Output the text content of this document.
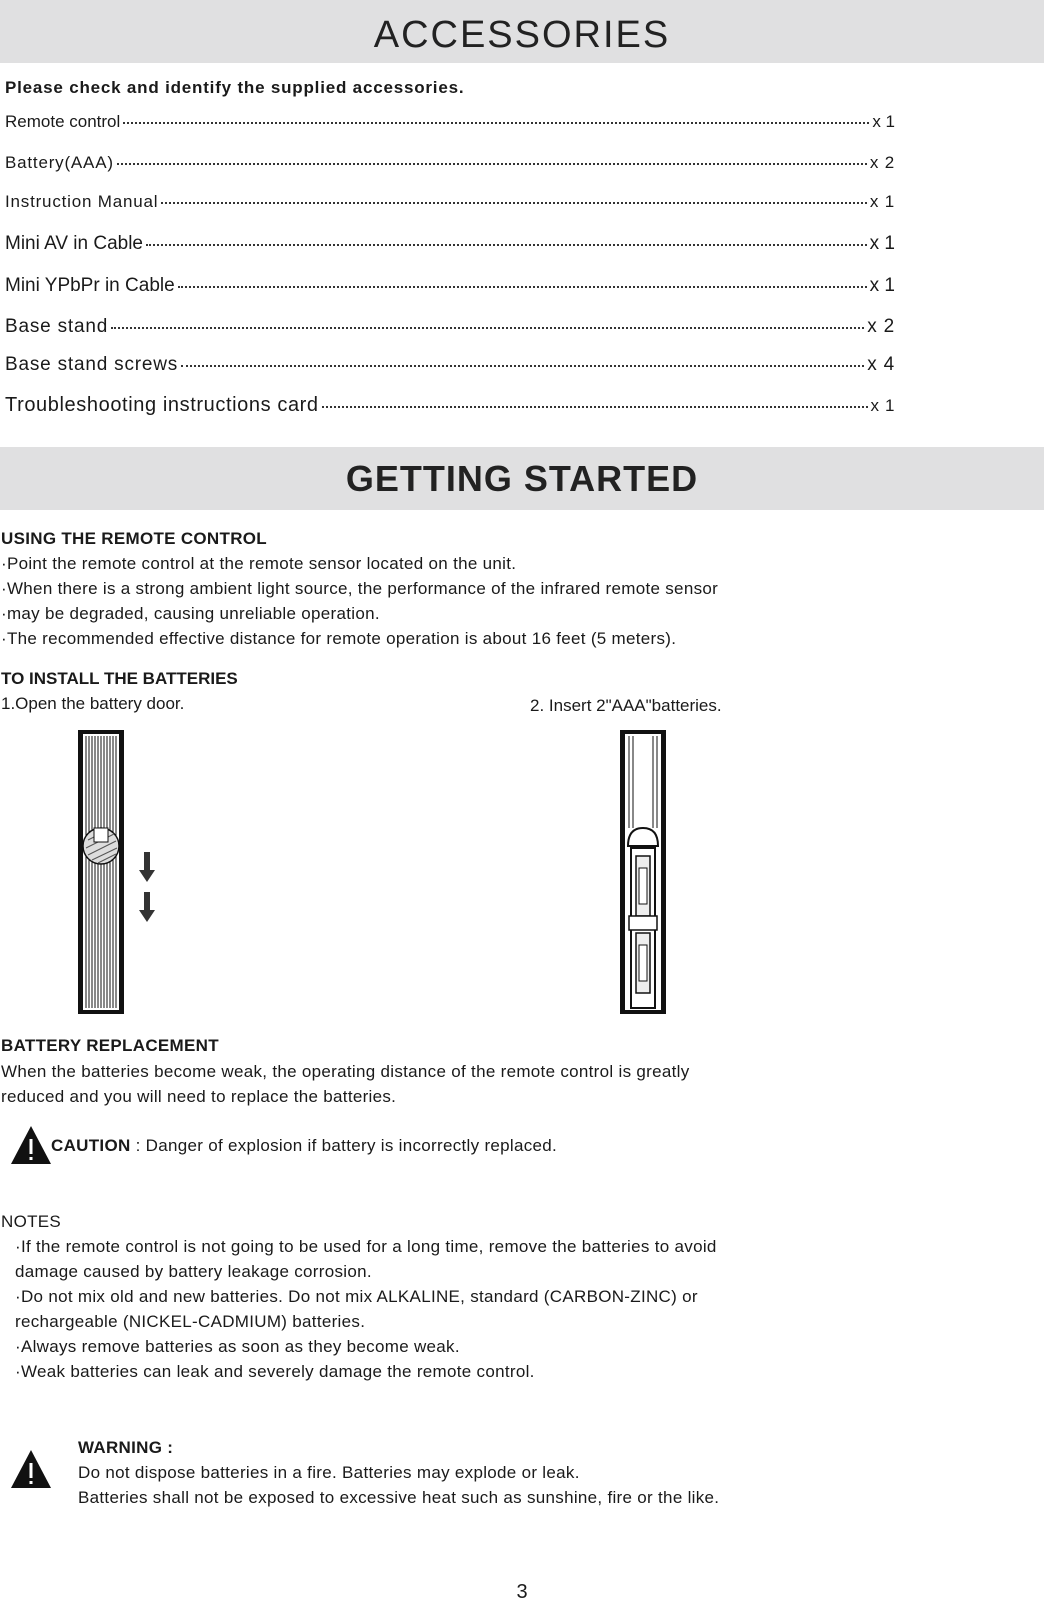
ACCESSORIES
Please check and identify the supplied accessories.
Remote control	x 1
Battery(AAA)	x 2
Instruction Manual	x 1
Mini AV in Cable	x 1
Mini YPbPr in Cable	x 1
Base stand	x 2
Base stand screws	x 4
Troubleshooting instructions card	x 1
GETTING STARTED
USING THE REMOTE CONTROL
·Point the remote control at the remote sensor located on the unit.
·When there is a strong ambient light source, the performance of the infrared remote sensor
·may be degraded, causing unreliable operation.
·The recommended effective distance for remote operation is about 16 feet (5 meters).
TO INSTALL THE BATTERIES
1.Open the battery door.	2. Insert 2"AAA"batteries.
BATTERY REPLACEMENT
When the batteries become weak, the operating distance of the remote control is greatly
reduced and you will need to replace the batteries.
CAUTION : Danger of explosion if battery is incorrectly replaced.
NOTES
·If the remote control is not going to be used for a long time, remove the batteries to avoid
damage caused by battery leakage corrosion.
·Do not mix old and new batteries. Do not mix ALKALINE, standard (CARBON-ZINC) or
rechargeable (NICKEL-CADMIUM) batteries.
·Always remove batteries as soon as they become weak.
·Weak batteries can leak and severely damage the remote control.
WARNING :
Do not dispose batteries in a fire. Batteries may explode or leak.
Batteries shall not be exposed to excessive heat such as sunshine, fire or the like.
3
